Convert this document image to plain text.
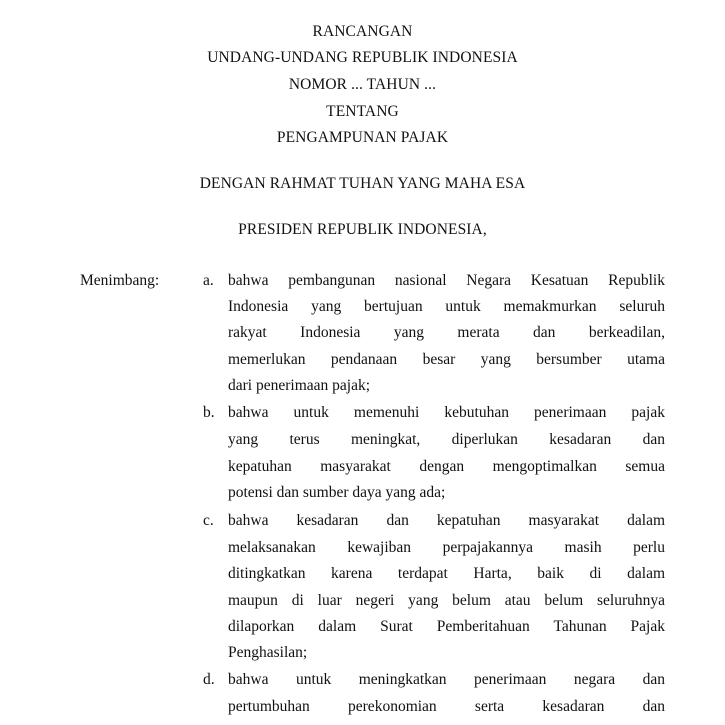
RANCANGAN
UNDANG-UNDANG REPUBLIK INDONESIA
NOMOR ... TAHUN ...
TENTANG
PENGAMPUNAN PAJAK
DENGAN RAHMAT TUHAN YANG MAHA ESA
PRESIDEN REPUBLIK INDONESIA,
Menimbang:	a. bahwa pembangunan nasional Negara Kesatuan Republik
Indonesia yang bertujuan untuk memakmurkan seluruh
rakyat Indonesia yang merata dan berkeadilan,
memerlukan pendanaan besar yang bersumber utama
dari penerimaan pajak;
b. bahwa untuk memenuhi kebutuhan penerimaan pajak
yang terus meningkat, diperlukan kesadaran dan
kepatuhan masyarakat dengan mengoptimalkan semua
potensi dan sumber daya yang ada;
c. bahwa kesadaran dan kepatuhan masyarakat dalam
melaksanakan kewajiban perpajakannya masih perlu
ditingkatkan karena terdapat Harta, baik di dalam
maupun di luar negeri yang belum atau belum seluruhnya
dilaporkan dalam Surat Pemberitahuan Tahunan Pajak
Penghasilan;
d. bahwa untuk meningkatkan penerimaan negara dan
pertumbuhan perekonomian serta kesadaran dan
